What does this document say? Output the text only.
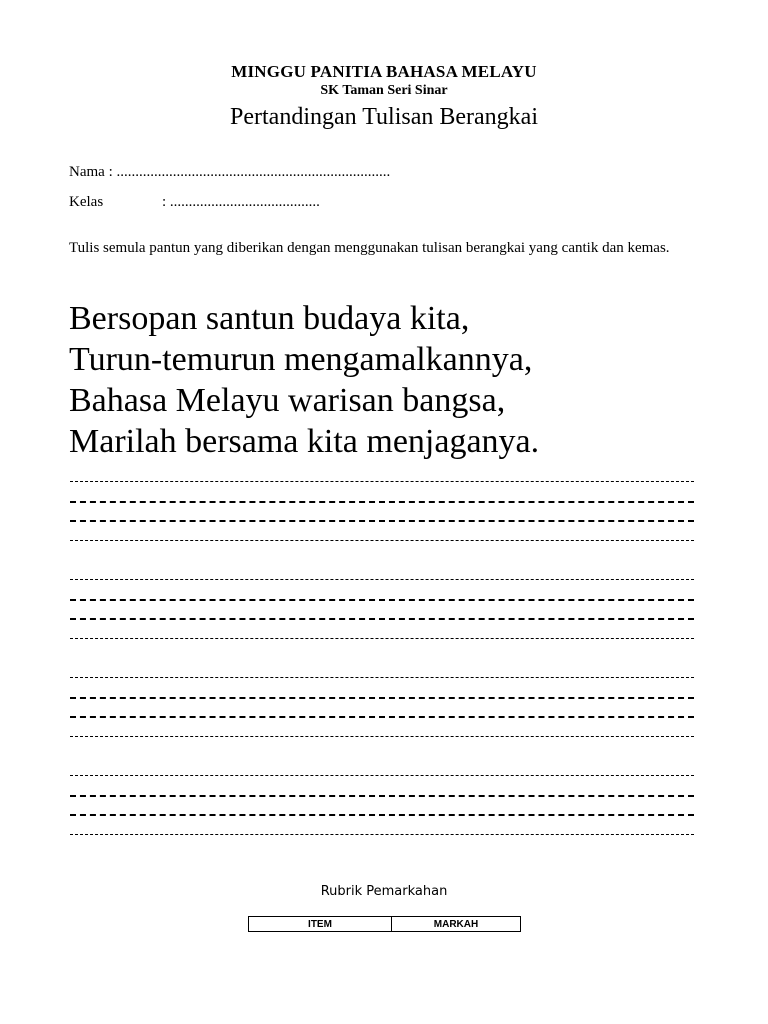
MINGGU PANITIA BAHASA MELAYU
SK Taman Seri Sinar
Pertandingan Tulisan Berangkai
Nama : .........................................................................
Kelas	: ........................................
Tulis semula pantun yang diberikan dengan menggunakan tulisan berangkai yang cantik dan kemas.
Bersopan santun budaya kita,
Turun-temurun mengamalkannya,
Bahasa Melayu warisan bangsa,
Marilah bersama kita menjaganya.
Rubrik Pemarkahan
ITEM	MARKAH
